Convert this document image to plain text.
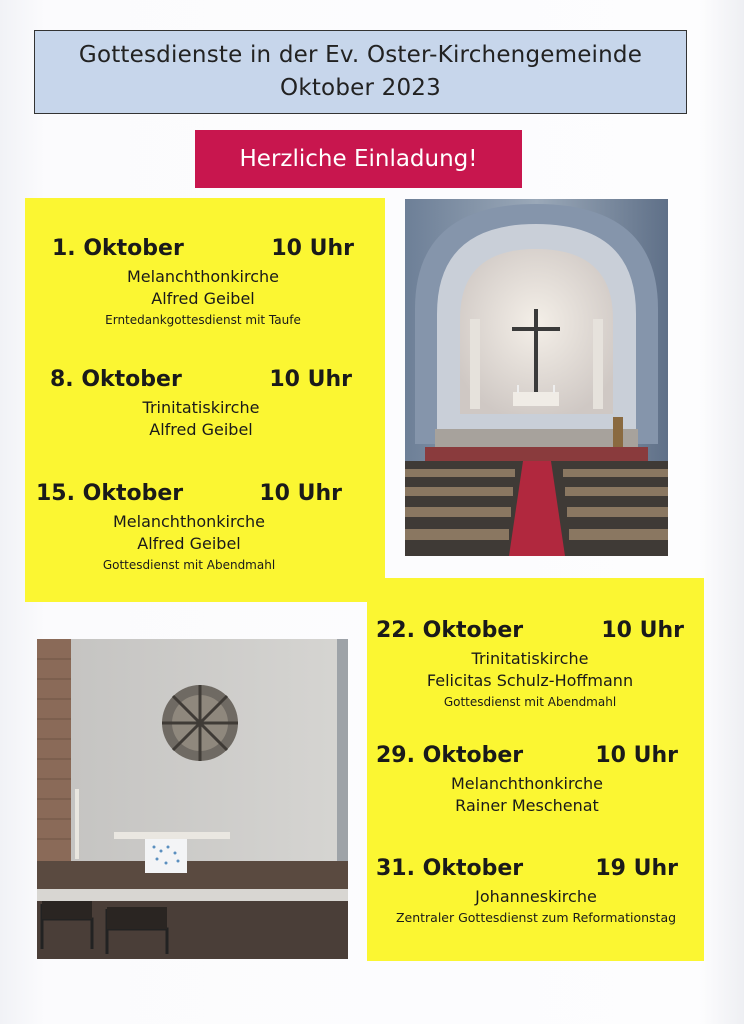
Gottesdienste in der Ev. Oster-Kirchengemeinde
Oktober 2023
Herzliche Einladung!
1. Oktober	10 Uhr
Melanchthonkirche
Alfred Geibel
Erntedankgottesdienst mit Taufe
8. Oktober	10 Uhr
Trinitatiskirche
Alfred Geibel
15. Oktober	10 Uhr
Melanchthonkirche
Alfred Geibel
Gottesdienst mit Abendmahl
22. Oktober	10 Uhr
Trinitatiskirche
Felicitas Schulz-Hoffmann
Gottesdienst mit Abendmahl
29. Oktober	10 Uhr
Melanchthonkirche
Rainer Meschenat
31. Oktober	19 Uhr
Johanneskirche
Zentraler Gottesdienst zum Reformationstag
